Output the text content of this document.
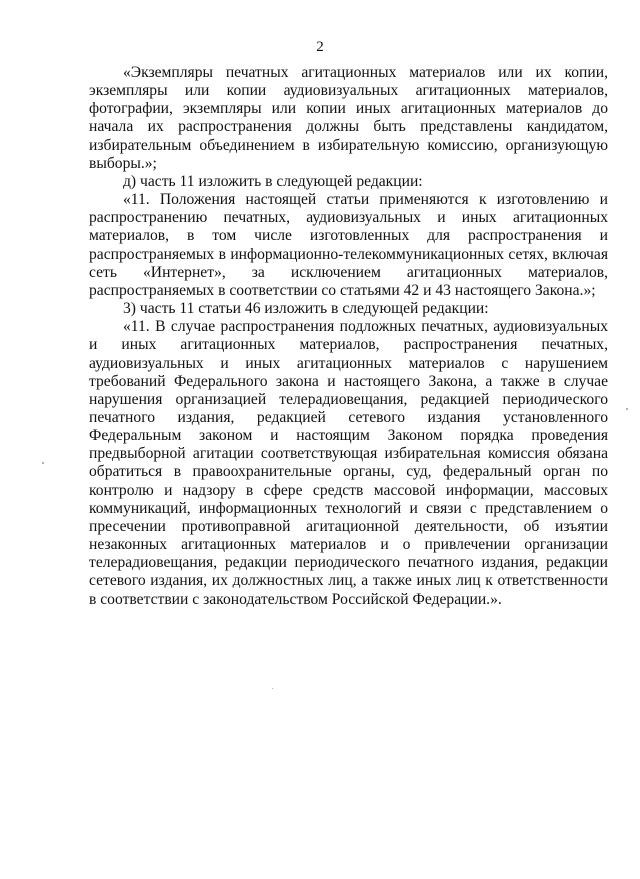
2

«Экземпляры печатных агитационных материалов или их копии, экземпляры или копии аудиовизуальных агитационных материалов, фотографии, экземпляры или копии иных агитационных материалов до начала их распространения должны быть представлены кандидатом, избирательным объединением в избирательную комиссию, организующую выборы.»;

д) часть 11 изложить в следующей редакции:

«11. Положения настоящей статьи применяются к изготовлению и распространению печатных, аудиовизуальных и иных агитационных материалов, в том числе изготовленных для распространения и распространяемых в информационно-телекоммуникационных сетях, включая сеть «Интернет», за исключением агитационных материалов, распространяемых в соответствии со статьями 42 и 43 настоящего Закона.»;

3) часть 11 статьи 46 изложить в следующей редакции:

«11. В случае распространения подложных печатных, аудиовизуальных и иных агитационных материалов, распространения печатных, аудиовизуальных и иных агитационных материалов с нарушением требований Федерального закона и настоящего Закона, а также в случае нарушения организацией телерадиовещания, редакцией периодического печатного издания, редакцией сетевого издания установленного Федеральным законом и настоящим Законом порядка проведения предвыборной агитации соответствующая избирательная комиссия обязана обратиться в правоохранительные органы, суд, федеральный орган по контролю и надзору в сфере средств массовой информации, массовых коммуникаций, информационных технологий и связи с представлением о пресечении противоправной агитационной деятельности, об изъятии незаконных агитационных материалов и о привлечении организации телерадиовещания, редакции периодического печатного издания, редакции сетевого издания, их должностных лиц, а также иных лиц к ответственности в соответствии с законодательством Российской Федерации.».
